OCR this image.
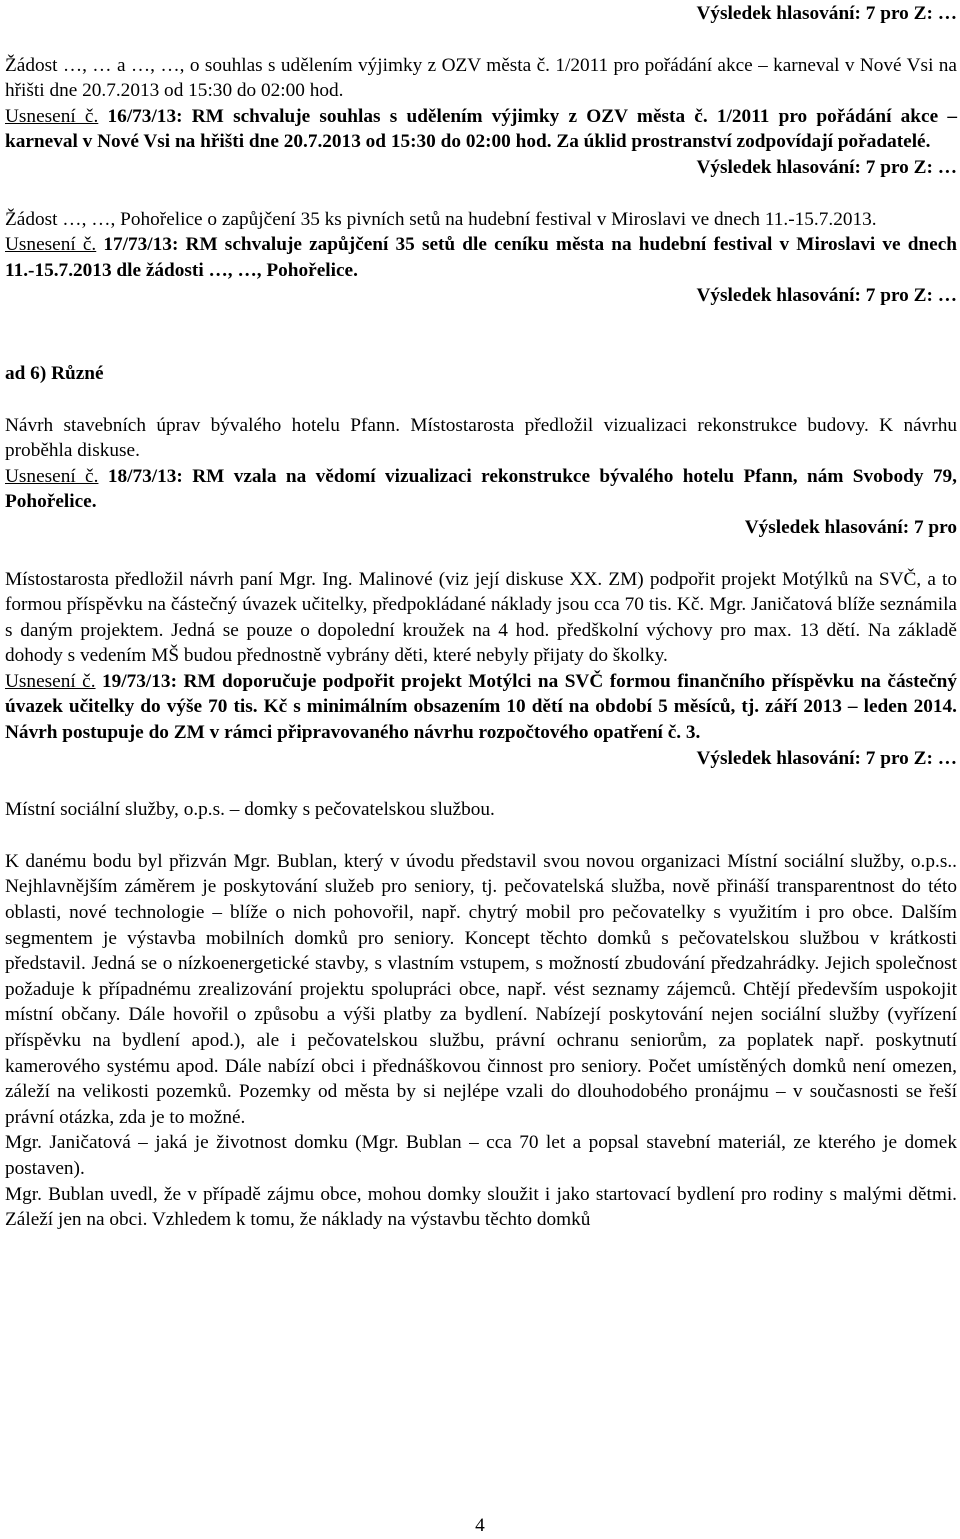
Výsledek hlasování: 7 pro Z: …

Žádost …, … a …, …, o souhlas s udělením výjimky z OZV města č. 1/2011 pro pořádání akce – karneval v Nové Vsi na hřišti dne 20.7.2013 od 15:30 do 02:00 hod.

Usnesení č. 16/73/13: RM schvaluje souhlas s udělením výjimky z OZV města č. 1/2011 pro pořádání akce – karneval v Nové Vsi na hřišti dne 20.7.2013 od 15:30 do 02:00 hod. Za úklid prostranství zodpovídají pořadatelé.

Výsledek hlasování: 7 pro Z: …

Žádost …, …, Pohořelice o zapůjčení 35 ks pivních setů na hudební festival v Miroslavi ve dnech 11.-15.7.2013.

Usnesení č. 17/73/13: RM schvaluje zapůjčení 35 setů dle ceníku města na hudební festival v Miroslavi ve dnech 11.-15.7.2013 dle žádosti …, …, Pohořelice.

Výsledek hlasování: 7 pro Z: …

ad 6) Různé

Návrh stavebních úprav bývalého hotelu Pfann. Místostarosta předložil vizualizaci rekonstrukce budovy. K návrhu proběhla diskuse.

Usnesení č. 18/73/13: RM vzala na vědomí vizualizaci rekonstrukce bývalého hotelu Pfann, nám Svobody 79, Pohořelice.

Výsledek hlasování: 7 pro

Místostarosta předložil návrh paní Mgr. Ing. Malinové (viz její diskuse XX. ZM) podpořit projekt Motýlků na SVČ, a to formou příspěvku na částečný úvazek učitelky, předpokládané náklady jsou cca 70 tis. Kč. Mgr. Janičatová blíže seznámila s daným projektem. Jedná se pouze o dopolední kroužek na 4 hod. předškolní výchovy pro max. 13 dětí. Na základě dohody s vedením MŠ budou přednostně vybrány děti, které nebyly přijaty do školky.

Usnesení č. 19/73/13: RM doporučuje podpořit projekt Motýlci na SVČ formou finančního příspěvku na částečný úvazek učitelky do výše 70 tis. Kč s minimálním obsazením 10 dětí na období 5 měsíců, tj. září 2013 – leden 2014. Návrh postupuje do ZM v rámci připravovaného návrhu rozpočtového opatření č. 3.

Výsledek hlasování: 7 pro Z: …

Místní sociální služby, o.p.s. – domky s pečovatelskou službou.

K danému bodu byl přizván Mgr. Bublan, který v úvodu představil svou novou organizaci Místní sociální služby, o.p.s.. Nejhlavnějším záměrem je poskytování služeb pro seniory, tj. pečovatelská služba, nově přináší transparentnost do této oblasti, nové technologie – blíže o nich pohovořil, např. chytrý mobil pro pečovatelky s využitím i pro obce. Dalším segmentem je výstavba mobilních domků pro seniory. Koncept těchto domků s pečovatelskou službou v krátkosti představil. Jedná se o nízkoenergetické stavby, s vlastním vstupem, s možností zbudování předzahrádky. Jejich společnost požaduje k případnému zrealizování projektu spolupráci obce, např. vést seznamy zájemců. Chtějí především uspokojit místní občany. Dále hovořil o způsobu a výši platby za bydlení. Nabízejí poskytování nejen sociální služby (vyřízení příspěvku na bydlení apod.), ale i pečovatelskou službu, právní ochranu seniorům, za poplatek např. poskytnutí kamerového systému apod. Dále nabízí obci i přednáškovou činnost pro seniory. Počet umístěných domků není omezen, záleží na velikosti pozemků. Pozemky od města by si nejlépe vzali do dlouhodobého pronájmu – v současnosti se řeší právní otázka, zda je to možné.

Mgr. Janičatová – jaká je životnost domku (Mgr. Bublan – cca 70 let a popsal stavební materiál, ze kterého je domek postaven).

Mgr. Bublan uvedl, že v případě zájmu obce, mohou domky sloužit i jako startovací bydlení pro rodiny s malými dětmi. Záleží jen na obci. Vzhledem k tomu, že náklady na výstavbu těchto domků

4
